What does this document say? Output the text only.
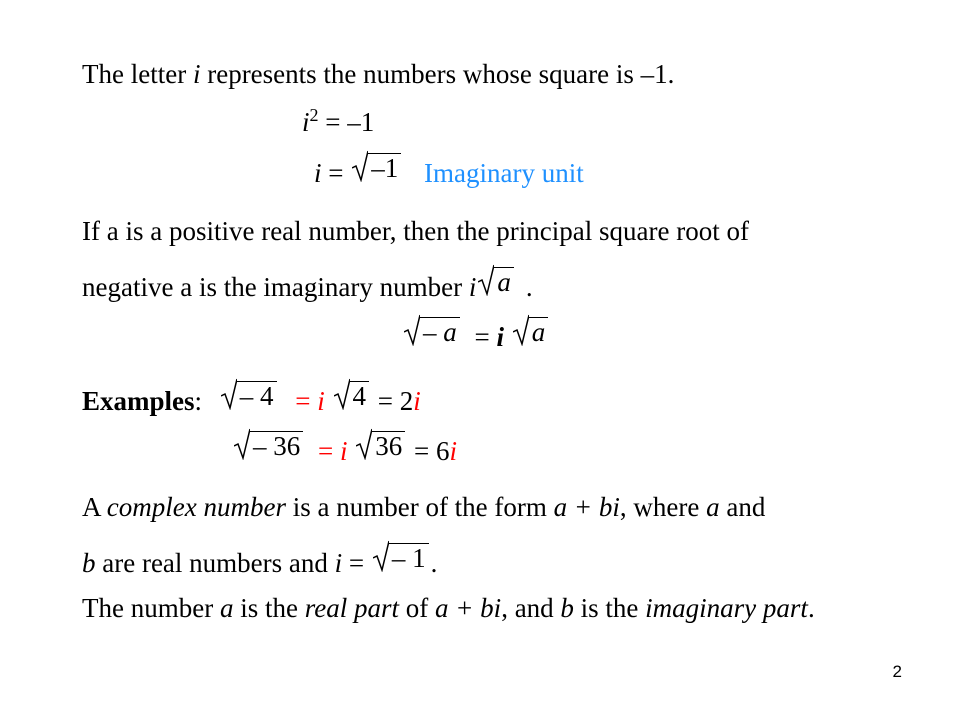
The letter i represents the numbers whose square is –1.
$i^2 = -1$
i = –1 Imaginary unit
If a is a positive real number, then the principal square root of
negative a is the imaginary number i a .
– a = i a
Examples: – 4 = i 4 = 2i
– 36 = i 36 = 6i
A complex number is a number of the form a + bi, where a and
b are real numbers and i = – 1 .
The number a is the real part of a + bi, and b is the imaginary part.
2
